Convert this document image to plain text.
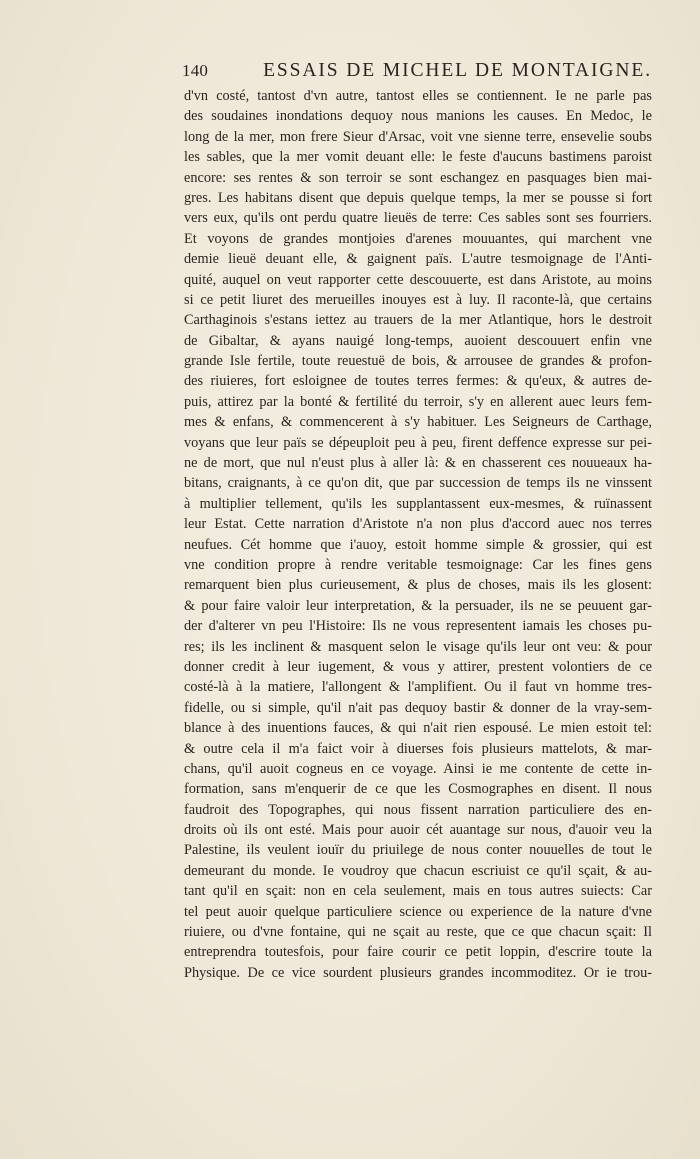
140	ESSAIS DE MICHEL DE MONTAIGNE.
d'vn costé, tantost d'vn autre, tantost elles se contiennent. Ie ne parle pas
des soudaines inondations dequoy nous manions les causes. En Medoc, le
long de la mer, mon frere Sieur d'Arsac, voit vne sienne terre, ensevelie soubs
les sables, que la mer vomit deuant elle: le feste d'aucuns bastimens paroist
encore: ses rentes & son terroir se sont eschangez en pasquages bien mai-
gres. Les habitans disent que depuis quelque temps, la mer se pousse si fort
vers eux, qu'ils ont perdu quatre lieuës de terre: Ces sables sont ses fourriers.
Et voyons de grandes montjoies d'arenes mouuantes, qui marchent vne
demie lieuë deuant elle, & gaignent païs. L'autre tesmoignage de l'Anti-
quité, auquel on veut rapporter cette descouuerte, est dans Aristote, au moins
si ce petit liuret des merueilles inouyes est à luy. Il raconte-là, que certains
Carthaginois s'estans iettez au trauers de la mer Atlantique, hors le destroit
de Gibaltar, & ayans nauigé long-temps, auoient descouuert enfin vne
grande Isle fertile, toute reuestuë de bois, & arrousee de grandes & profon-
des riuieres, fort esloignee de toutes terres fermes: & qu'eux, & autres de-
puis, attirez par la bonté & fertilité du terroir, s'y en allerent auec leurs fem-
mes & enfans, & commencerent à s'y habituer. Les Seigneurs de Carthage,
voyans que leur païs se dépeuploit peu à peu, firent deffence expresse sur pei-
ne de mort, que nul n'eust plus à aller là: & en chasserent ces nouueaux ha-
bitans, craignants, à ce qu'on dit, que par succession de temps ils ne vinssent
à multiplier tellement, qu'ils les supplantassent eux-mesmes, & ruïnassent
leur Estat. Cette narration d'Aristote n'a non plus d'accord auec nos terres
neufues. Cét homme que i'auoy, estoit homme simple & grossier, qui est
vne condition propre à rendre veritable tesmoignage: Car les fines gens
remarquent bien plus curieusement, & plus de choses, mais ils les glosent:
& pour faire valoir leur interpretation, & la persuader, ils ne se peuuent gar-
der d'alterer vn peu l'Histoire: Ils ne vous representent iamais les choses pu-
res; ils les inclinent & masquent selon le visage qu'ils leur ont veu: & pour
donner credit à leur iugement, & vous y attirer, prestent volontiers de ce
costé-là à la matiere, l'allongent & l'amplifient. Ou il faut vn homme tres-
fidelle, ou si simple, qu'il n'ait pas dequoy bastir & donner de la vray-sem-
blance à des inuentions fauces, & qui n'ait rien espousé. Le mien estoit tel:
& outre cela il m'a faict voir à diuerses fois plusieurs mattelots, & mar-
chans, qu'il auoit cogneus en ce voyage. Ainsi ie me contente de cette in-
formation, sans m'enquerir de ce que les Cosmographes en disent. Il nous
faudroit des Topographes, qui nous fissent narration particuliere des en-
droits où ils ont esté. Mais pour auoir cét auantage sur nous, d'auoir veu la
Palestine, ils veulent iouïr du priuilege de nous conter nouuelles de tout le
demeurant du monde. Ie voudroy que chacun escriuist ce qu'il sçait, & au-
tant qu'il en sçait: non en cela seulement, mais en tous autres suiects: Car
tel peut auoir quelque particuliere science ou experience de la nature d'vne
riuiere, ou d'vne fontaine, qui ne sçait au reste, que ce que chacun sçait: Il
entreprendra toutesfois, pour faire courir ce petit loppin, d'escrire toute la
Physique. De ce vice sourdent plusieurs grandes incommoditez. Or ie trou-
